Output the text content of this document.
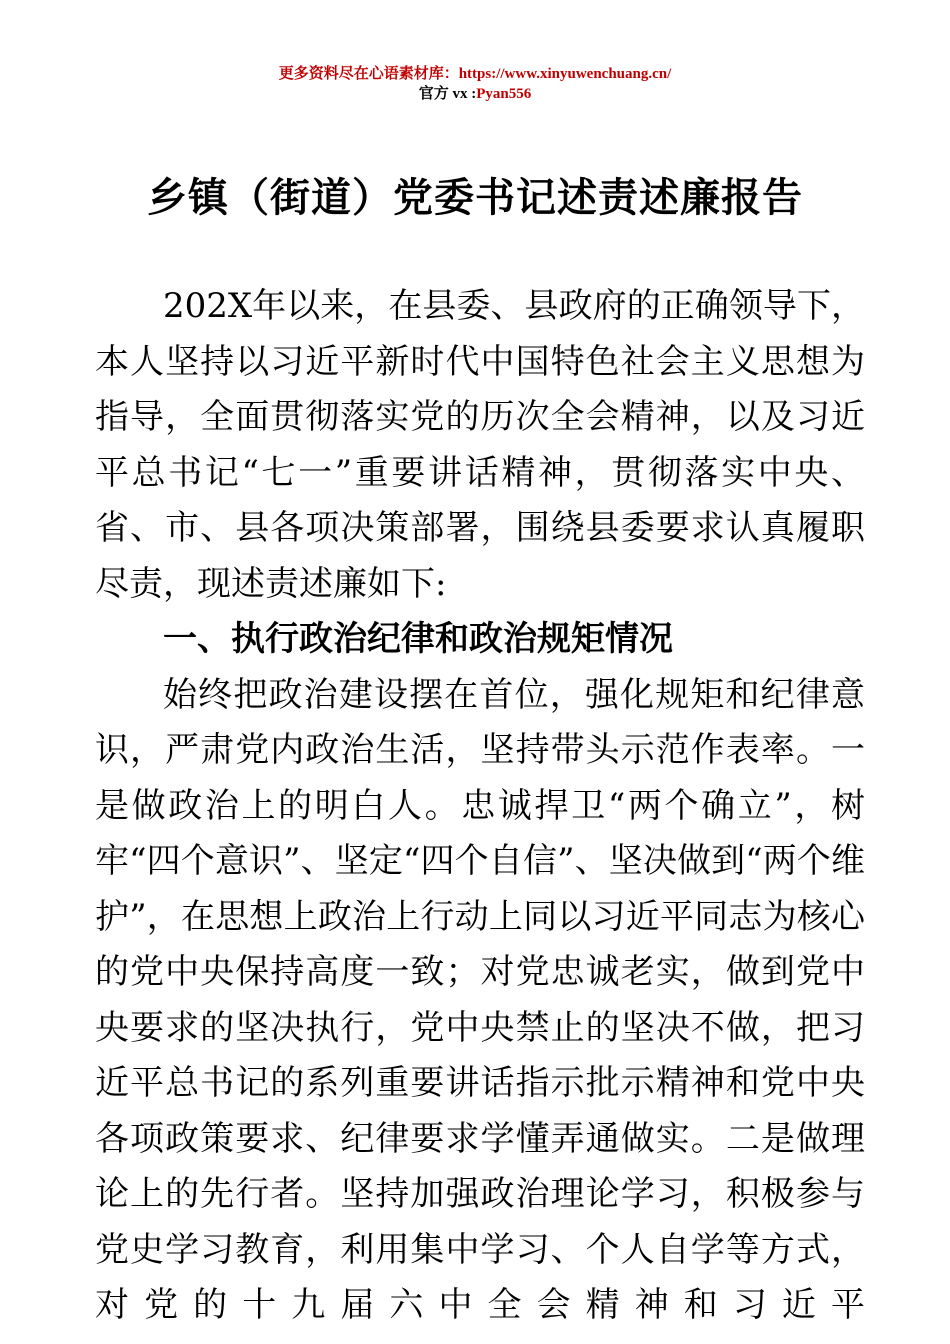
更多资料尽在心语素材库：https://www.xinyuwenchuang.cn/
官方 vx :Pyan556
乡镇（街道）党委书记述责述廉报告

202X年以来，在县委、县政府的正确领导下，本人坚持以习近平新时代中国特色社会主义思想为指导，全面贯彻落实党的历次全会精神，以及习近平总书记“七一”重要讲话精神，贯彻落实中央、省、市、县各项决策部署，围绕县委要求认真履职尽责，现述责述廉如下:

一、执行政治纪律和政治规矩情况

始终把政治建设摆在首位，强化规矩和纪律意识，严肃党内政治生活，坚持带头示范作表率。一是做政治上的明白人。忠诚捍卫“两个确立”，树牢“四个意识”、坚定“四个自信”、坚决做到“两个维护”，在思想上政治上行动上同以习近平同志为核心的党中央保持高度一致；对党忠诚老实，做到党中央要求的坚决执行，党中央禁止的坚决不做，把习近平总书记的系列重要讲话指示批示精神和党中央各项政策要求、纪律要求学懂弄通做实。二是做理论上的先行者。坚持加强政治理论学习，积极参与党史学习教育，利用集中学习、个人自学等方式，对党的十九届六中全会精神和习近平
